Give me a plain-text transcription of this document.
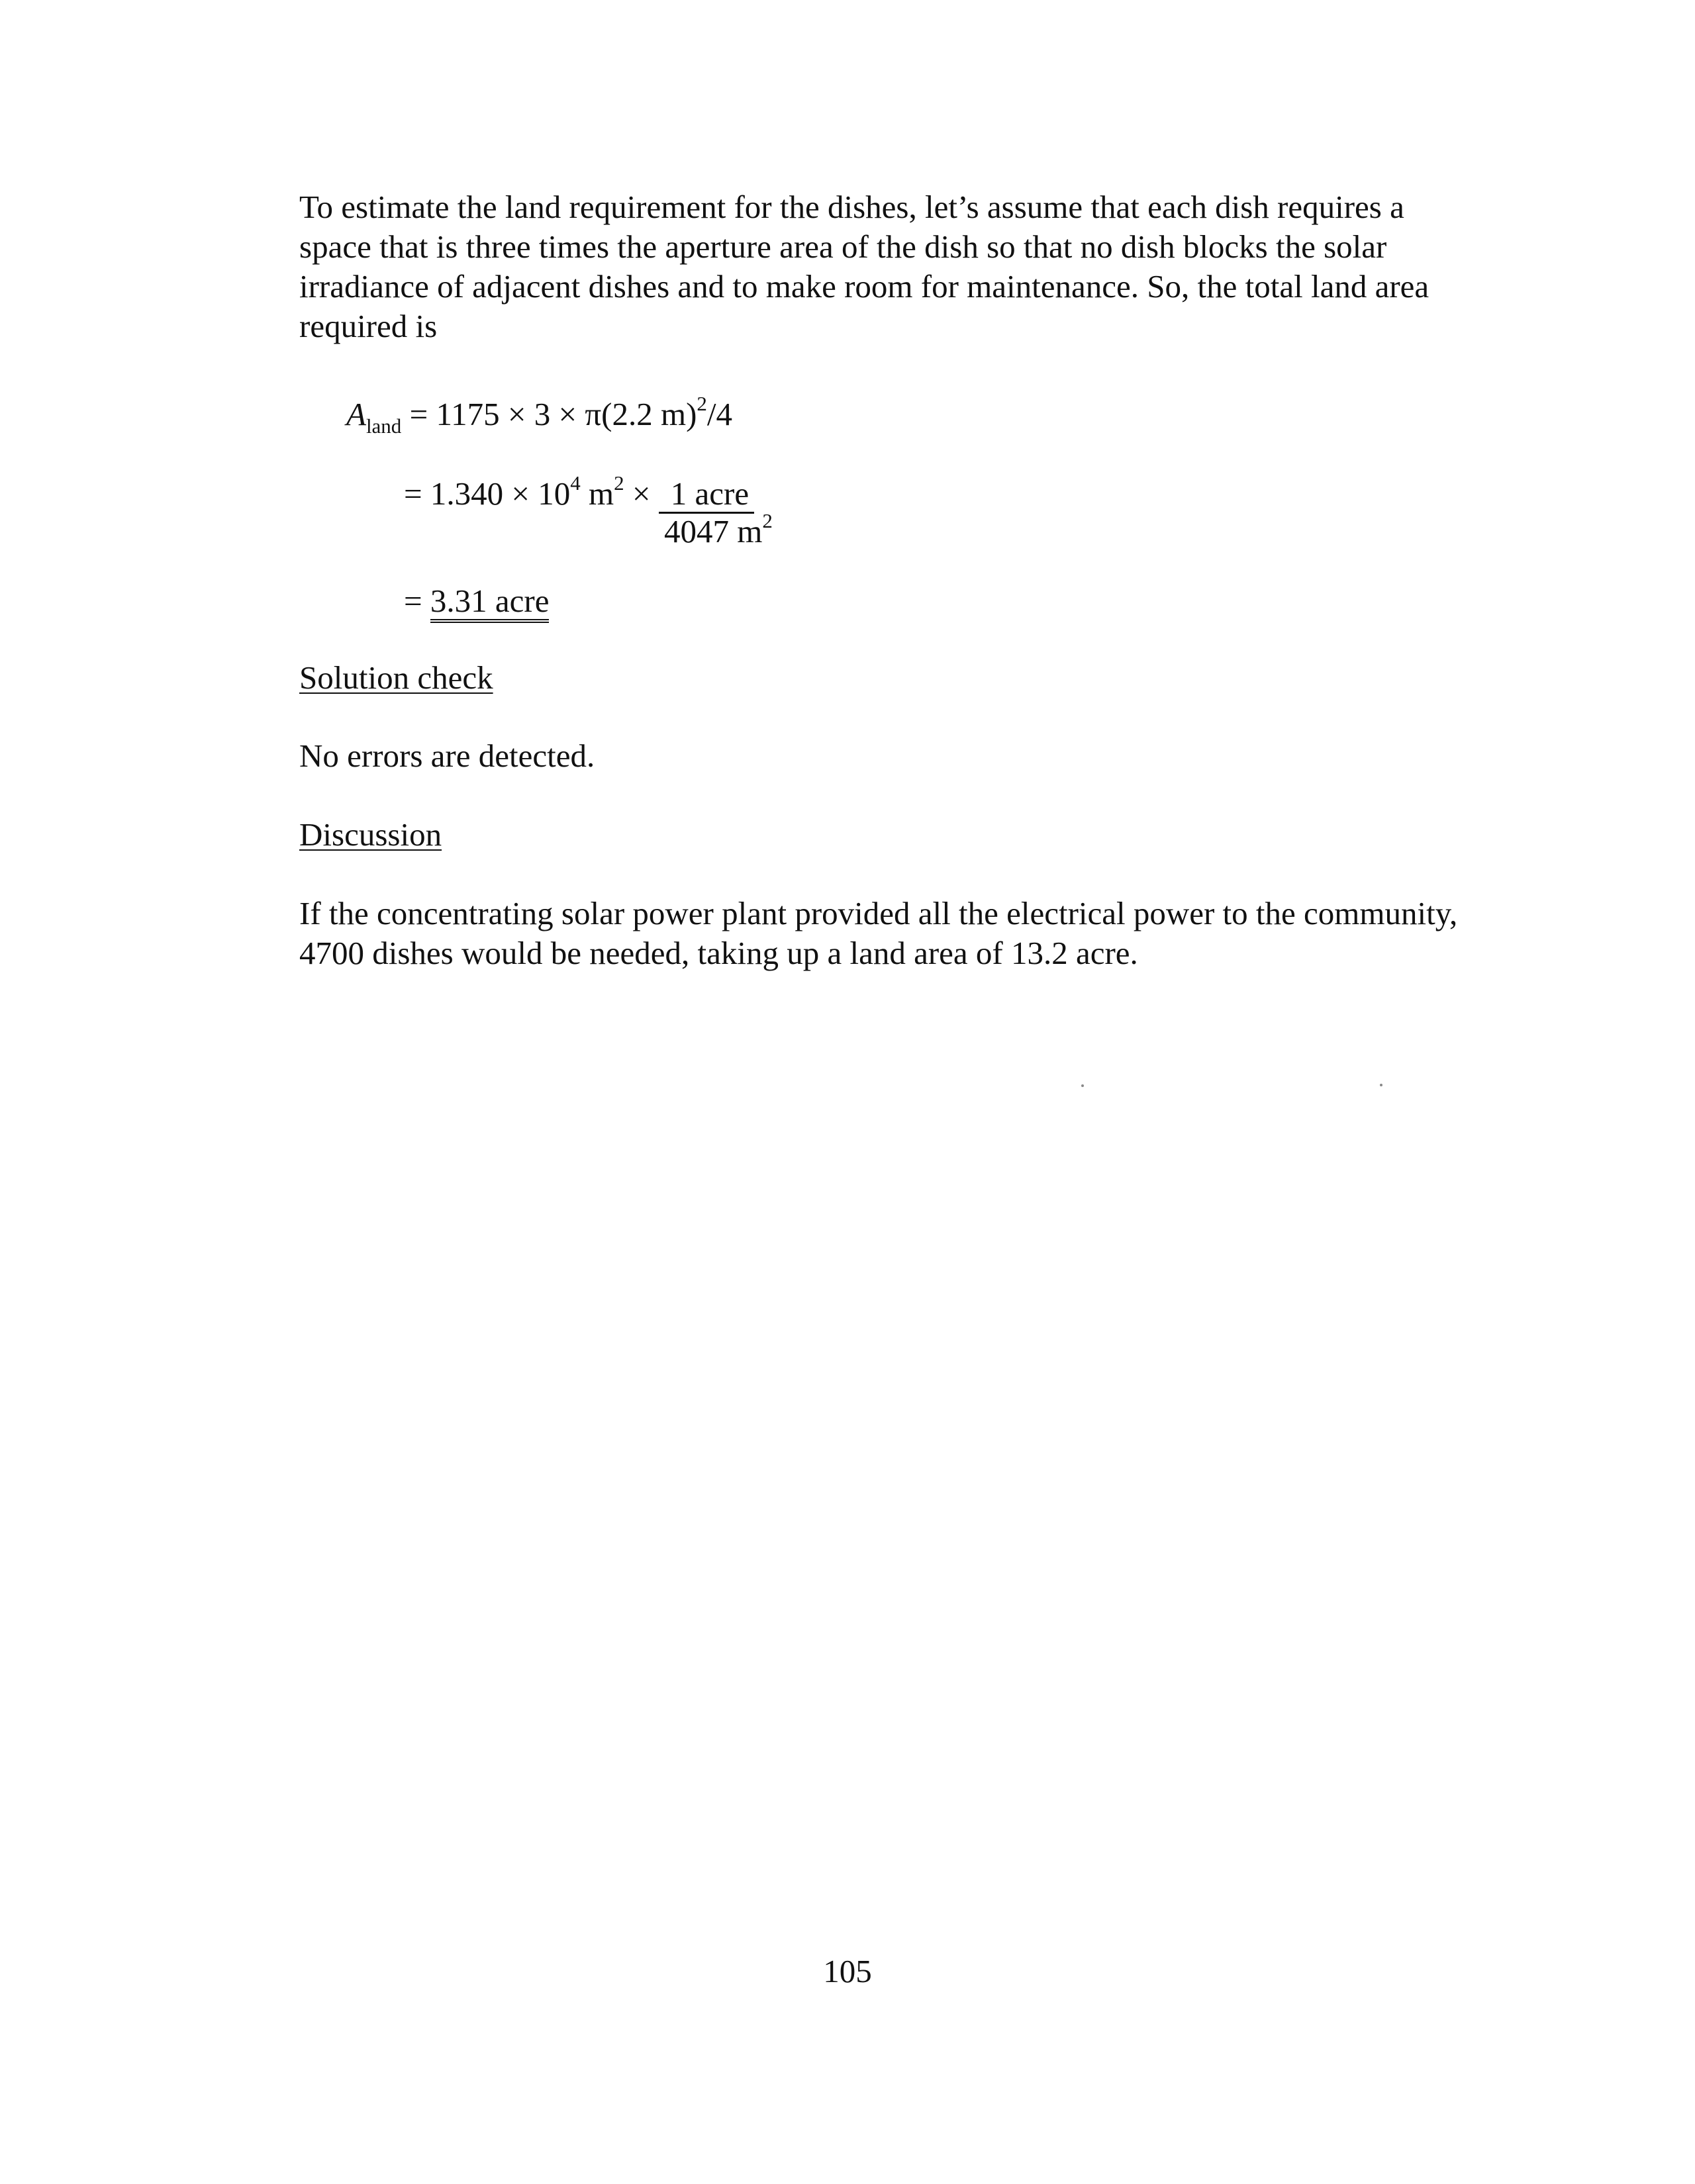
To estimate the land requirement for the dishes, let’s assume that each dish requires a
space that is three times the aperture area of the dish so that no dish blocks the solar
irradiance of adjacent dishes and to make room for maintenance. So, the total land area
required is

$A_{land} = 1175 \times 3 \times \pi(2.2$ m)$^2$/4
= $1.340 \times 10^4$ $m^2 \times 1$ acre
4047 $m^2$
= 3.31 acre
Solution check

No errors are detected.

Discussion

If the concentrating solar power plant provided all the electrical power to the community,
4700 dishes would be needed, taking up a land area of 13.2 acre.

105
